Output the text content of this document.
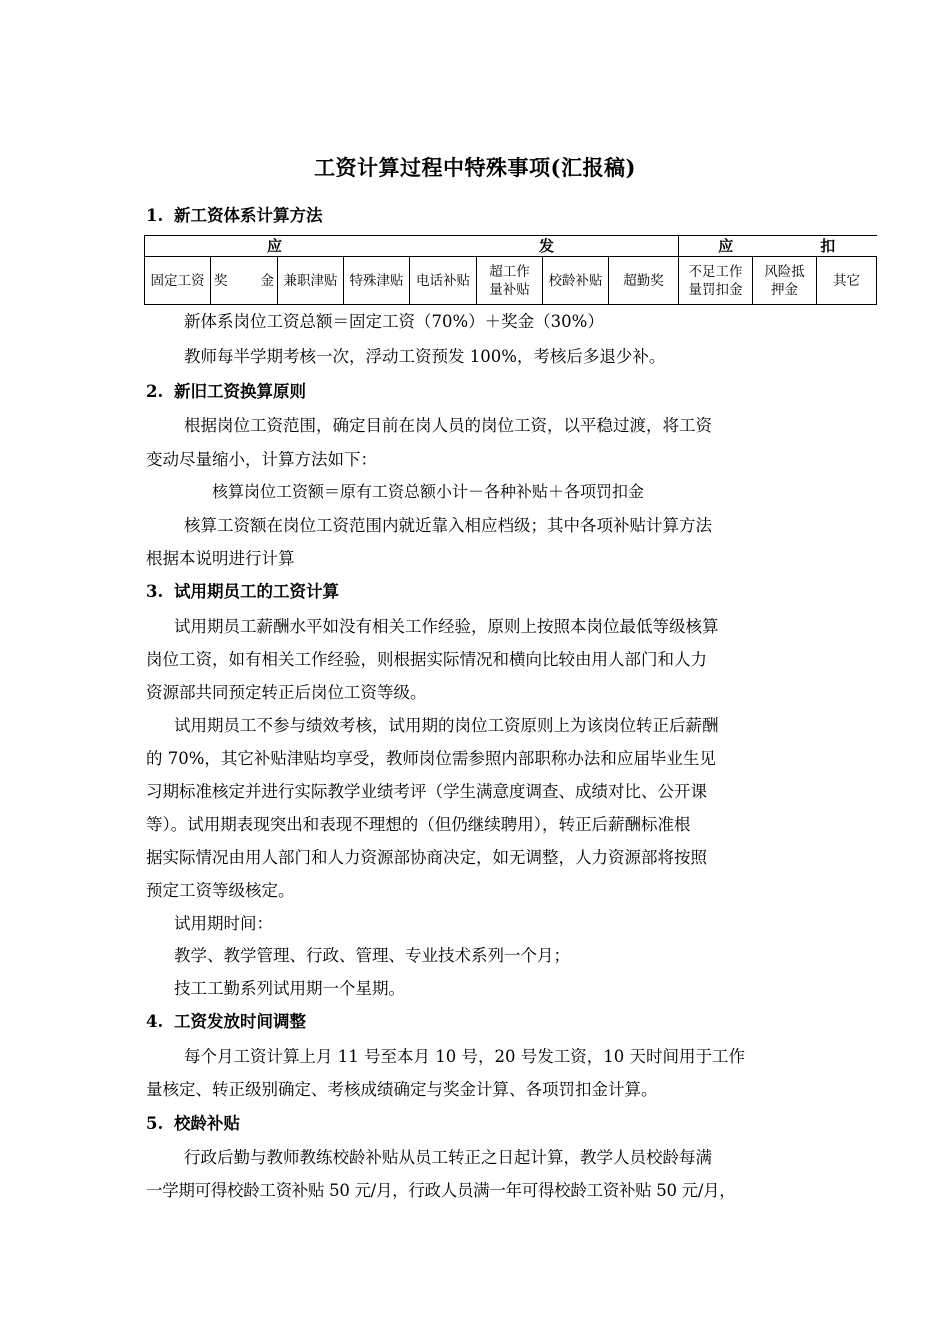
工资计算过程中特殊事项(汇报稿)
1. 新工资体系计算方法
应　　　　　　　　　　　　　　　发								应　　　　　扣		
固定工资	奖　　金	兼职津贴	特殊津贴	电话补贴	超工作量补贴	校龄补贴	超勤奖	不足工作量罚扣金	风险抵押金	其它
新体系岗位工资总额＝固定工资（70%）＋奖金（30%）
教师每半学期考核一次，浮动工资预发 100%，考核后多退少补。
2. 新旧工资换算原则
根据岗位工资范围，确定目前在岗人员的岗位工资，以平稳过渡，将工资
变动尽量缩小，计算方法如下：
核算岗位工资额＝原有工资总额小计－各种补贴＋各项罚扣金
核算工资额在岗位工资范围内就近靠入相应档级；其中各项补贴计算方法
根据本说明进行计算
3. 试用期员工的工资计算
试用期员工薪酬水平如没有相关工作经验，原则上按照本岗位最低等级核算
岗位工资，如有相关工作经验，则根据实际情况和横向比较由用人部门和人力
资源部共同预定转正后岗位工资等级。
试用期员工不参与绩效考核，试用期的岗位工资原则上为该岗位转正后薪酬
的 70%，其它补贴津贴均享受，教师岗位需参照内部职称办法和应届毕业生见
习期标准核定并进行实际教学业绩考评（学生满意度调查、成绩对比、公开课
等）。试用期表现突出和表现不理想的（但仍继续聘用），转正后薪酬标准根
据实际情况由用人部门和人力资源部协商决定，如无调整，人力资源部将按照
预定工资等级核定。
试用期时间：
教学、教学管理、行政、管理、专业技术系列一个月；
技工工勤系列试用期一个星期。
4. 工资发放时间调整
每个月工资计算上月 11 号至本月 10 号，20 号发工资，10 天时间用于工作
量核定、转正级别确定、考核成绩确定与奖金计算、各项罚扣金计算。
5. 校龄补贴
行政后勤与教师教练校龄补贴从员工转正之日起计算，教学人员校龄每满
一学期可得校龄工资补贴 50 元/月，行政人员满一年可得校龄工资补贴 50 元/月，
